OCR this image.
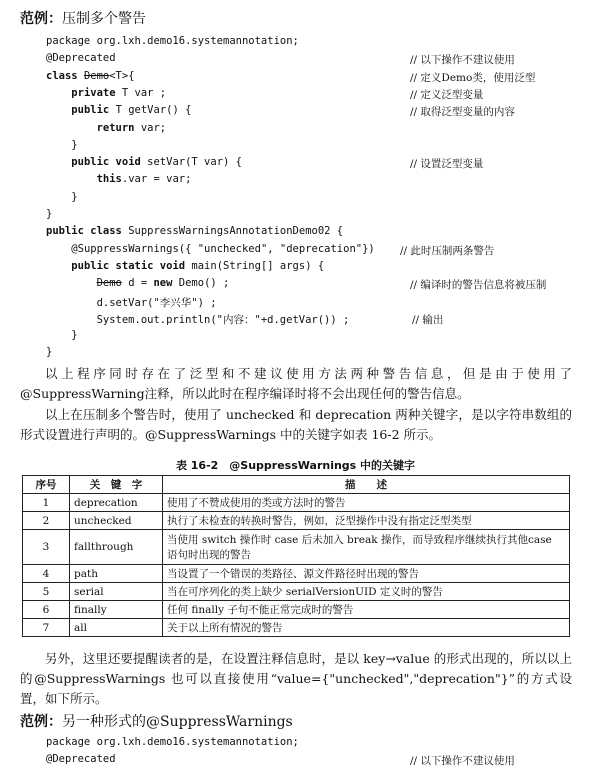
范例：压制多个警告
package org.lxh.demo16.systemannotation;
@Deprecated	// 以下操作不建议使用
class Demo<T>{	// 定义Demo类，使用泛型
private T var ;	// 定义泛型变量
public T getVar() {	// 取得泛型变量的内容
return var;
}
public void setVar(T var) {	// 设置泛型变量
this.var = var;
}
}
public class SuppressWarningsAnnotationDemo02 {
@SuppressWarnings({ "unchecked", "deprecation"}) // 此时压制两条警告
public static void main(String[] args) {
Demo d = new Demo() ;	// 编译时的警告信息将被压制
d.setVar("李兴华") ;
System.out.println("内容："+d.getVar()) ;	// 输出
}
}
以上程序同时存在了泛型和不建议使用方法两种警告信息，但是由于使用了@SuppressWarning注释，所以此时在程序编译时将不会出现任何的警告信息。
以上在压制多个警告时，使用了 unchecked 和 deprecation 两种关键字，是以字符串数组的形式设置进行声明的。@SuppressWarnings 中的关键字如表 16-2 所示。
表 16-2　@SuppressWarnings 中的关键字
序号	关　键　字	描　　述
1	deprecation	使用了不赞成使用的类或方法时的警告
2	unchecked	执行了未检查的转换时警告，例如，泛型操作中没有指定泛型类型
3	fallthrough	当使用 switch 操作时 case 后未加入 break 操作，而导致程序继续执行其他case 语句时出现的警告
4	path	当设置了一个错误的类路径、源文件路径时出现的警告
5	serial	当在可序列化的类上缺少 serialVersionUID 定义时的警告
6	finally	任何 finally 子句不能正常完成时的警告
7	all	关于以上所有情况的警告
另外，这里还要提醒读者的是，在设置注释信息时，是以 key→value 的形式出现的，所以以上的@SuppressWarnings 也可以直接使用“value={"unchecked","deprecation"}”的方式设置，如下所示。
范例：另一种形式的@SuppressWarnings
package org.lxh.demo16.systemannotation;
@Deprecated	// 以下操作不建议使用
